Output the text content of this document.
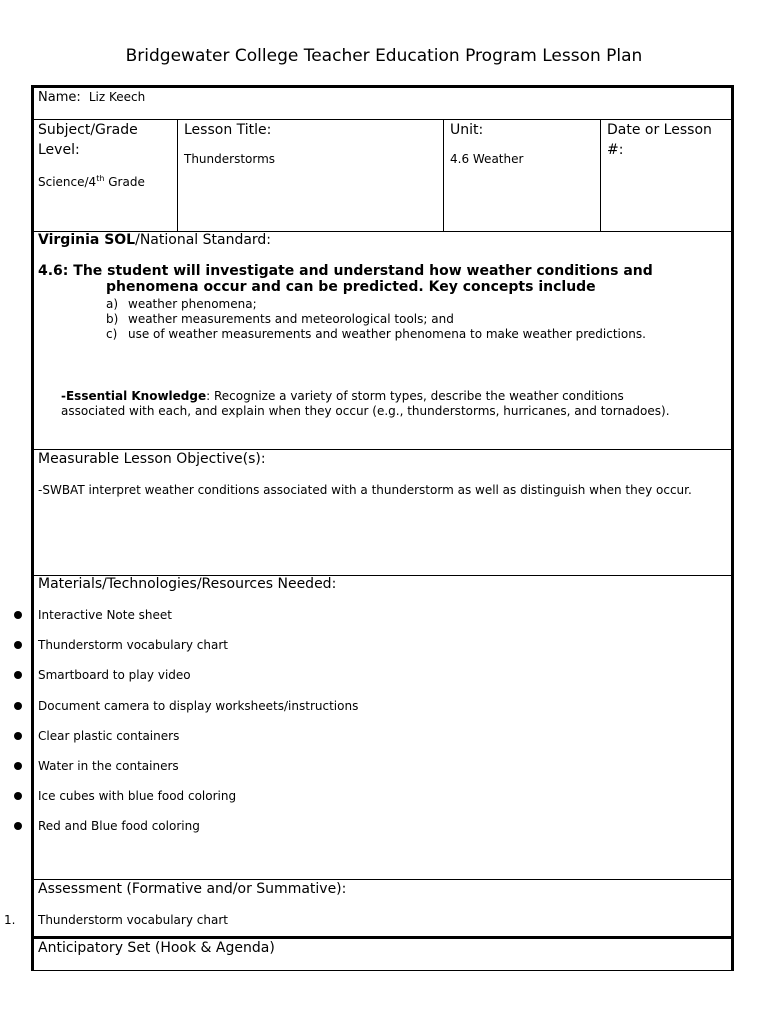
Bridgewater College Teacher Education Program Lesson Plan
Name: Liz Keech
Subject/Grade
Level:
Science/4th Grade
Lesson Title:
Thunderstorms
Unit:
4.6 Weather
Date or Lesson
#:
Virginia SOL/National Standard:
4.6: The student will investigate and understand how weather conditions and
phenomena occur and can be predicted. Key concepts include
a) weather phenomena;
b) weather measurements and meteorological tools; and
c) use of weather measurements and weather phenomena to make weather predictions.
-Essential Knowledge: Recognize a variety of storm types, describe the weather conditions
associated with each, and explain when they occur (e.g., thunderstorms, hurricanes, and tornadoes).
Measurable Lesson Objective(s):
-SWBAT interpret weather conditions associated with a thunderstorm as well as distinguish when they occur.
Materials/Technologies/Resources Needed:
Interactive Note sheet
Thunderstorm vocabulary chart
Smartboard to play video
Document camera to display worksheets/instructions
Clear plastic containers
Water in the containers
Ice cubes with blue food coloring
Red and Blue food coloring
Assessment (Formative and/or Summative):
1. Thunderstorm vocabulary chart
Anticipatory Set (Hook & Agenda)
